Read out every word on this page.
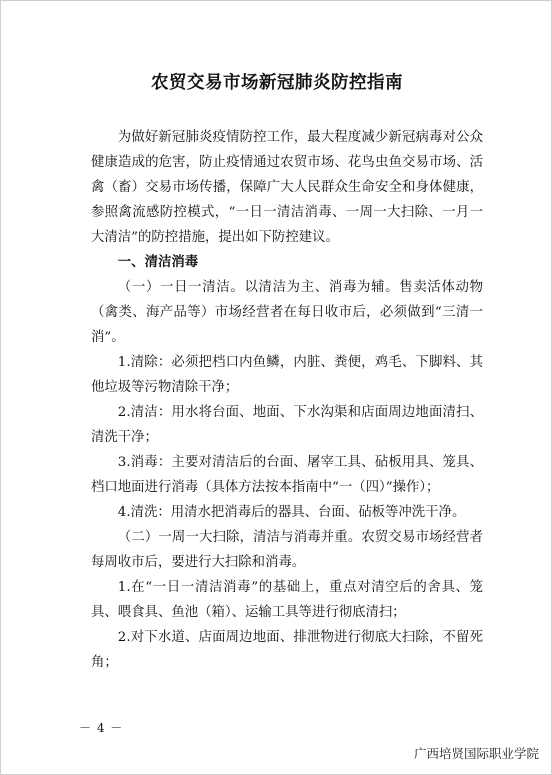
农贸交易市场新冠肺炎防控指南

为做好新冠肺炎疫情防控工作，最大程度减少新冠病毒对公众健康造成的危害，防止疫情通过农贸市场、花鸟虫鱼交易市场、活禽（畜）交易市场传播，保障广大人民群众生命安全和身体健康，参照禽流感防控模式，“一日一清洁消毒、一周一大扫除、一月一大清洁”的防控措施，提出如下防控建议。

一、清洁消毒

（一）一日一清洁。以清洁为主、消毒为辅。售卖活体动物（禽类、海产品等）市场经营者在每日收市后，必须做到“三清一消”。

1.清除：必须把档口内鱼鳞，内脏、粪便，鸡毛、下脚料、其他垃圾等污物清除干净；

2.清洁：用水将台面、地面、下水沟渠和店面周边地面清扫、清洗干净；

3.消毒：主要对清洁后的台面、屠宰工具、砧板用具、笼具、档口地面进行消毒（具体方法按本指南中“一（四）”操作）；

4.清洗：用清水把消毒后的器具、台面、砧板等冲洗干净。

（二）一周一大扫除，清洁与消毒并重。农贸交易市场经营者每周收市后，要进行大扫除和消毒。

1.在“一日一清洁消毒”的基础上，重点对清空后的舍具、笼具、喂食具、鱼池（箱）、运输工具等进行彻底清扫；

2.对下水道、店面周边地面、排泄物进行彻底大扫除，不留死角；

－ 4 －
广西培贤国际职业学院
